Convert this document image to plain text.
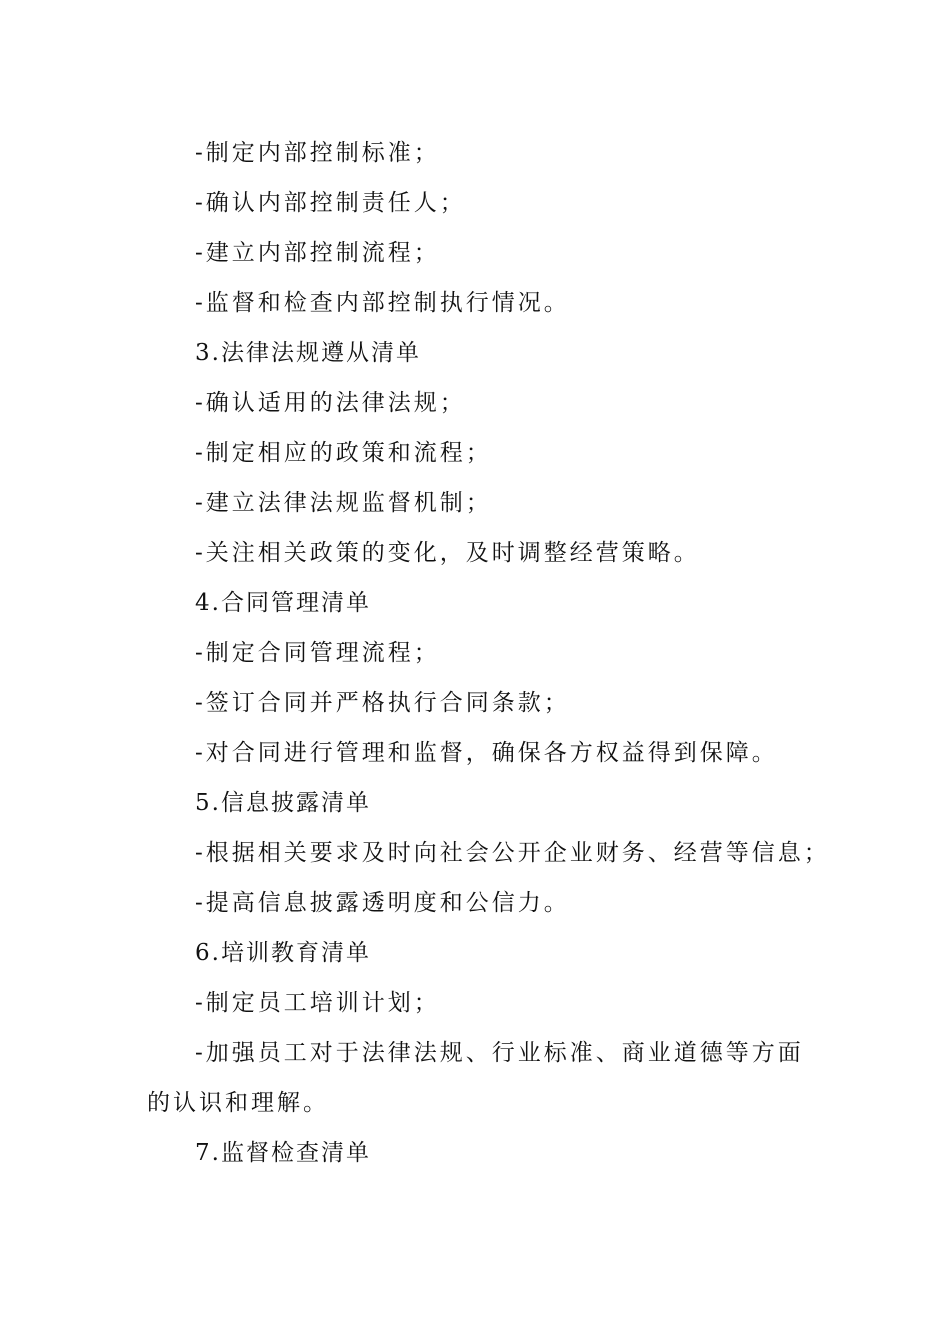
-制定内部控制标准；
-确认内部控制责任人；
-建立内部控制流程；
-监督和检查内部控制执行情况。
3.法律法规遵从清单
-确认适用的法律法规；
-制定相应的政策和流程；
-建立法律法规监督机制；
-关注相关政策的变化，及时调整经营策略。
4.合同管理清单
-制定合同管理流程；
-签订合同并严格执行合同条款；
-对合同进行管理和监督，确保各方权益得到保障。
5.信息披露清单
-根据相关要求及时向社会公开企业财务、经营等信息；
-提高信息披露透明度和公信力。
6.培训教育清单
-制定员工培训计划；
-加强员工对于法律法规、行业标准、商业道德等方面
的认识和理解。
7.监督检查清单
